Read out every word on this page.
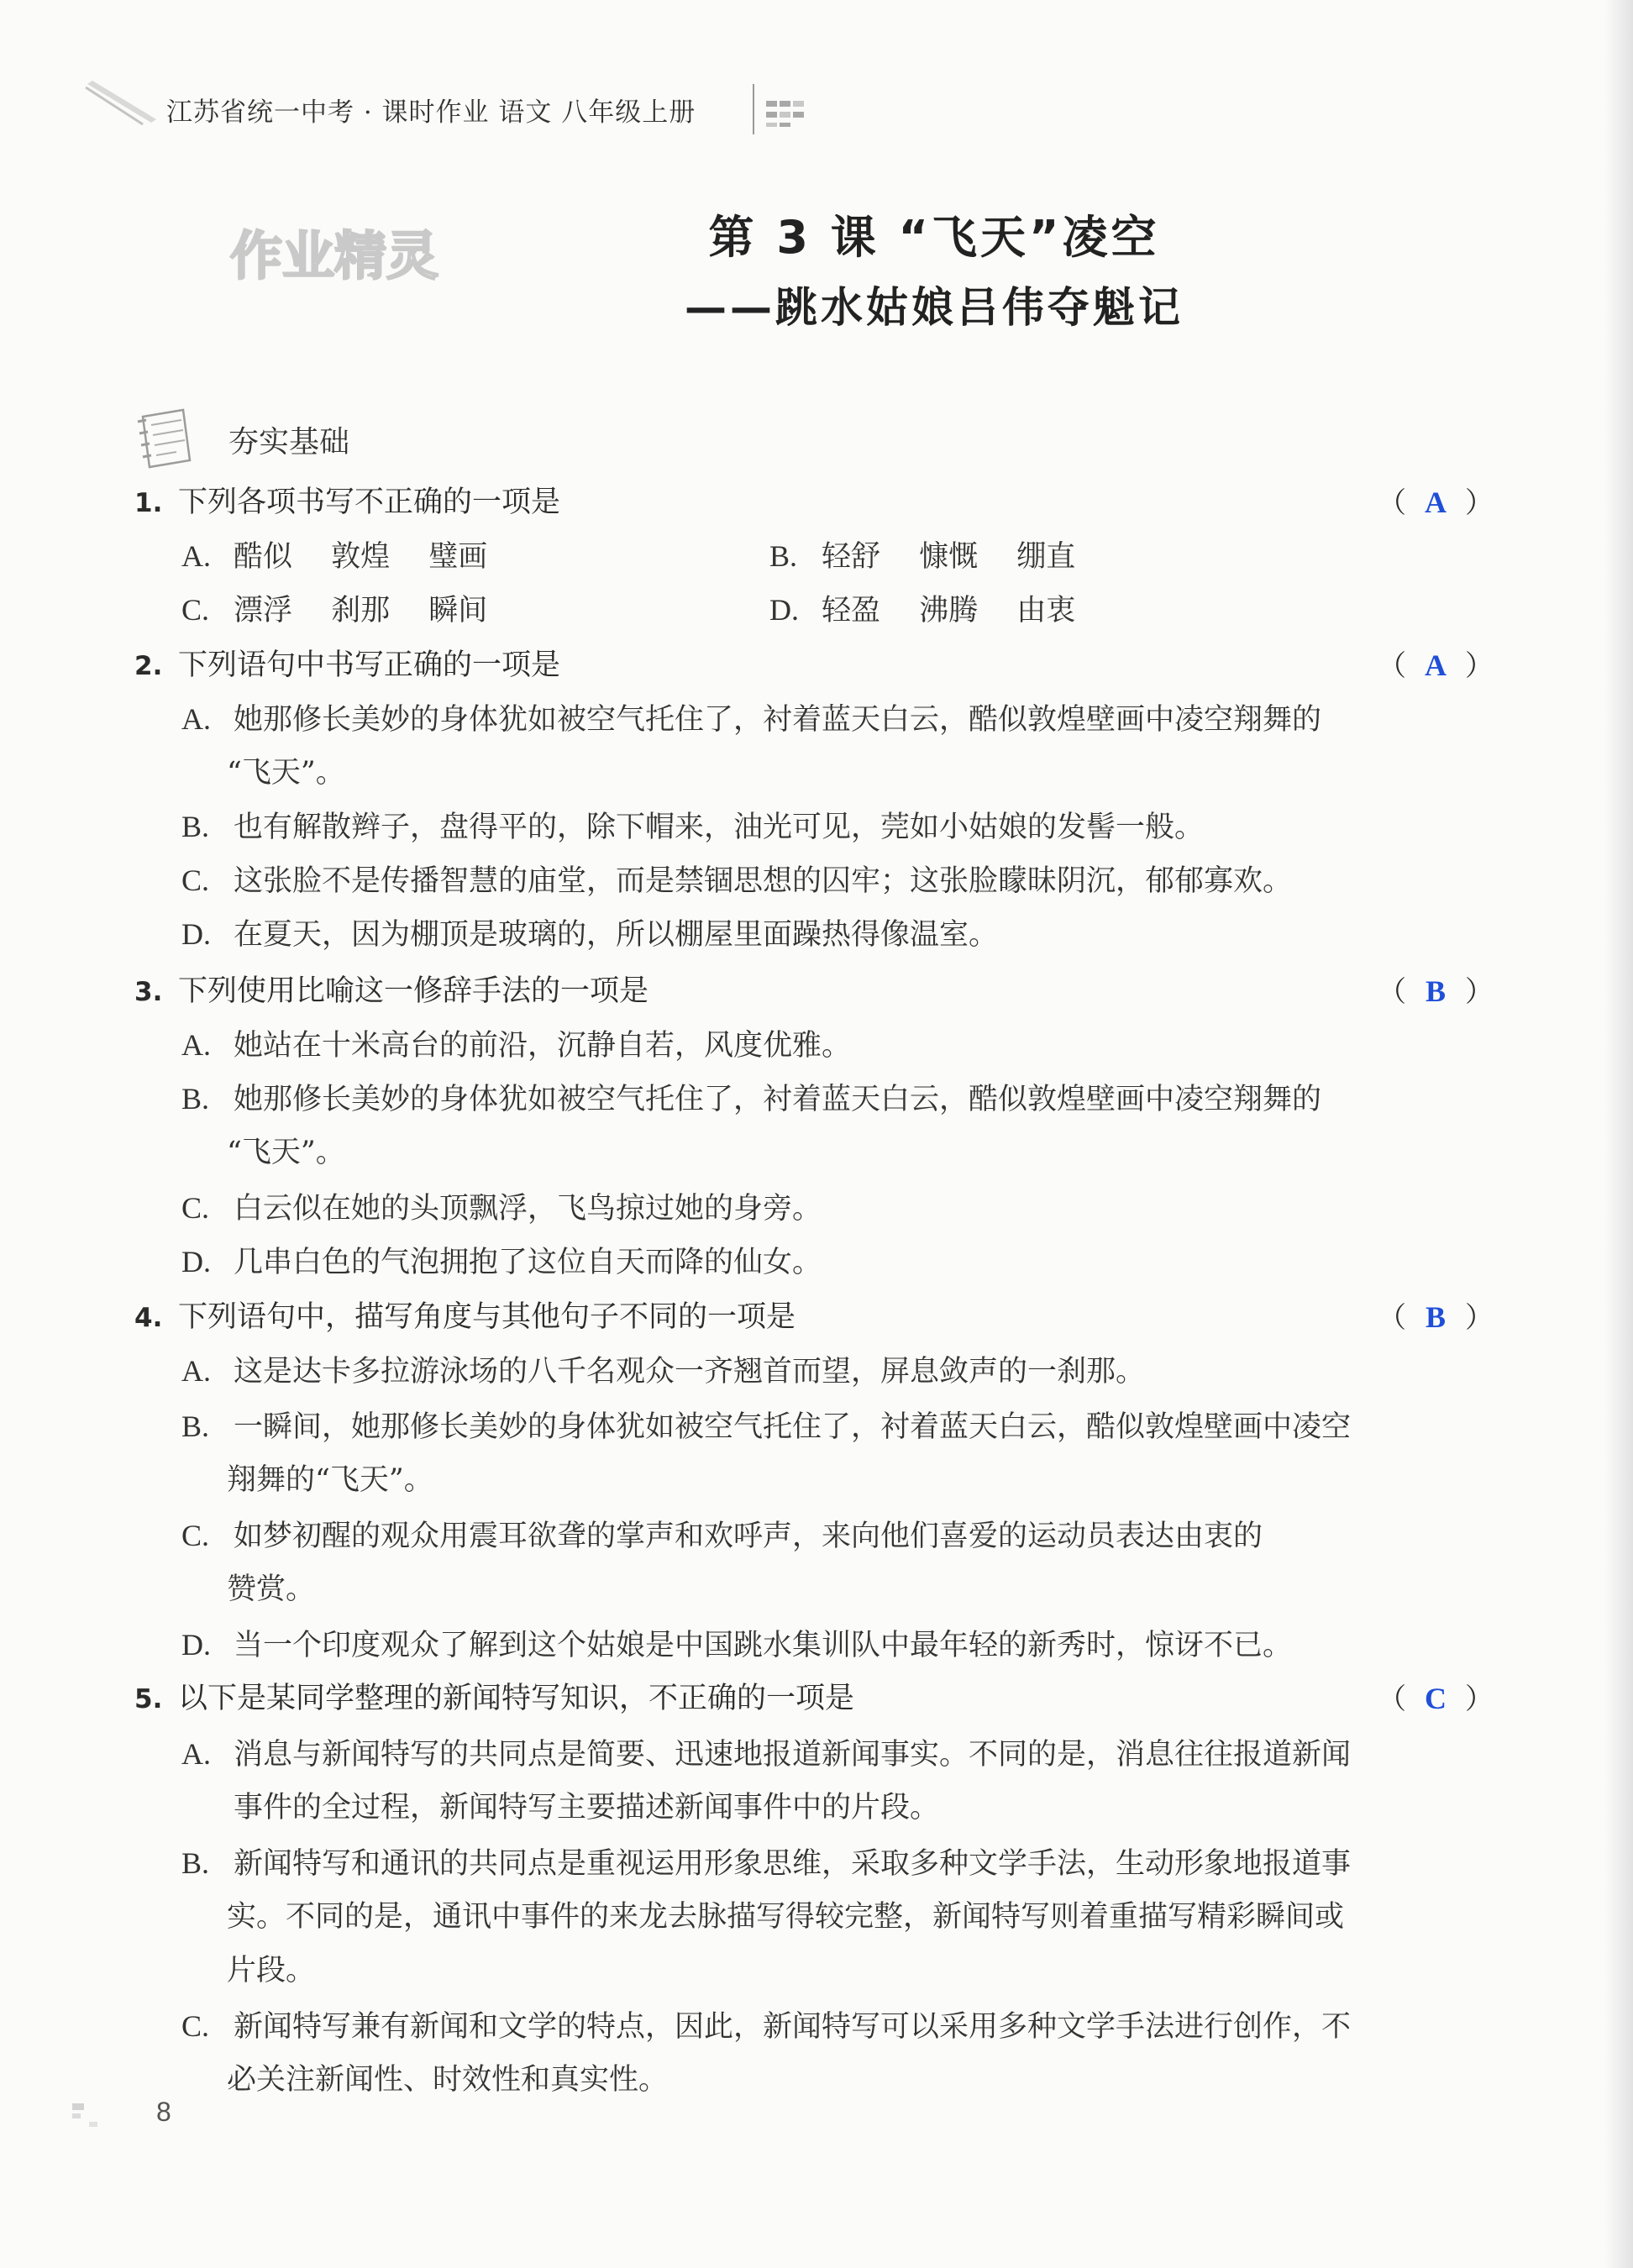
江苏省统一中考 · 课时作业 语文 八年级上册
作业精灵	第 3 课 “飞天”凌空
——跳水姑娘吕伟夺魁记
夯实基础
1. 下列各项书写不正确的一项是	（ A ）
A. 酷似　 敦煌　 璧画	B. 轻舒　 慷慨　 绷直
C. 漂浮　 刹那　 瞬间	D. 轻盈　 沸腾　 由衷
2. 下列语句中书写正确的一项是	（ A ）
A. 她那修长美妙的身体犹如被空气托住了，衬着蓝天白云，酷似敦煌壁画中凌空翔舞的
“飞天”。
B. 也有解散辫子，盘得平的，除下帽来，油光可见，莞如小姑娘的发髻一般。
C. 这张脸不是传播智慧的庙堂，而是禁锢思想的囚牢；这张脸矇昧阴沉，郁郁寡欢。
D. 在夏天，因为棚顶是玻璃的，所以棚屋里面躁热得像温室。
3. 下列使用比喻这一修辞手法的一项是	（ B ）
A. 她站在十米高台的前沿，沉静自若，风度优雅。
B. 她那修长美妙的身体犹如被空气托住了，衬着蓝天白云，酷似敦煌壁画中凌空翔舞的
“飞天”。
C. 白云似在她的头顶飘浮，飞鸟掠过她的身旁。
D. 几串白色的气泡拥抱了这位自天而降的仙女。
4. 下列语句中，描写角度与其他句子不同的一项是	（ B ）
A. 这是达卡多拉游泳场的八千名观众一齐翘首而望，屏息敛声的一刹那。
B. 一瞬间，她那修长美妙的身体犹如被空气托住了，衬着蓝天白云，酷似敦煌壁画中凌空
翔舞的“飞天”。
C. 如梦初醒的观众用震耳欲聋的掌声和欢呼声，来向他们喜爱的运动员表达由衷的
赞赏。
D. 当一个印度观众了解到这个姑娘是中国跳水集训队中最年轻的新秀时，惊讶不已。
5. 以下是某同学整理的新闻特写知识，不正确的一项是	（ C ）
A. 消息与新闻特写的共同点是简要、迅速地报道新闻事实。不同的是，消息往往报道新闻
事件的全过程，新闻特写主要描述新闻事件中的片段。
B. 新闻特写和通讯的共同点是重视运用形象思维，采取多种文学手法，生动形象地报道事
实。不同的是，通讯中事件的来龙去脉描写得较完整，新闻特写则着重描写精彩瞬间或
片段。
C. 新闻特写兼有新闻和文学的特点，因此，新闻特写可以采用多种文学手法进行创作，不
必关注新闻性、时效性和真实性。
8
